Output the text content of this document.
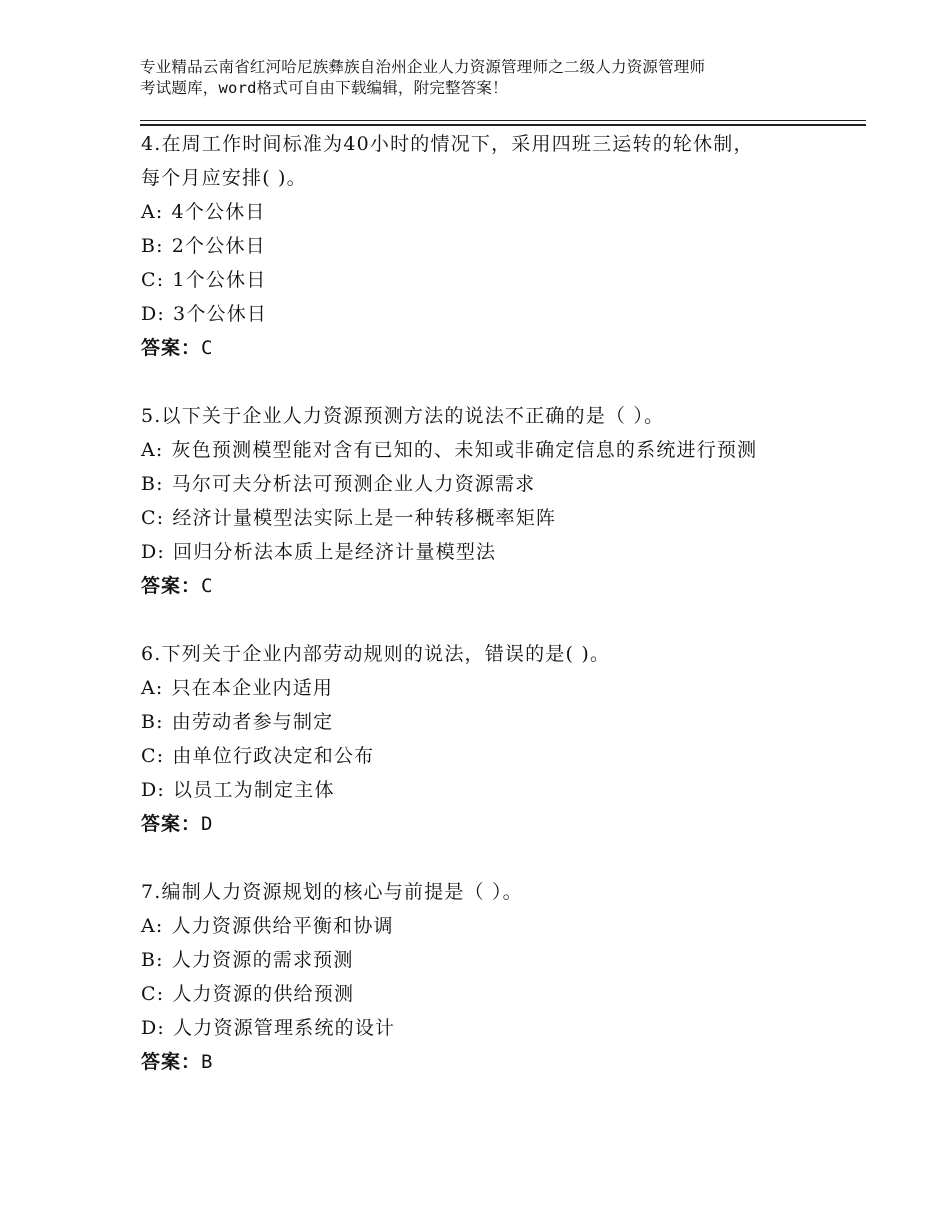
专业精品云南省红河哈尼族彝族自治州企业人力资源管理师之二级人力资源管理师
考试题库，word格式可自由下载编辑，附完整答案！
4.在周工作时间标准为40小时的情况下，采用四班三运转的轮休制，
每个月应安排( )。
A: 4个公休日
B: 2个公休日
C: 1个公休日
D: 3个公休日
答案：C
5.以下关于企业人力资源预测方法的说法不正确的是（ ）。
A: 灰色预测模型能对含有已知的、未知或非确定信息的系统进行预测
B: 马尔可夫分析法可预测企业人力资源需求
C: 经济计量模型法实际上是一种转移概率矩阵
D: 回归分析法本质上是经济计量模型法
答案：C
6.下列关于企业内部劳动规则的说法，错误的是( )。
A: 只在本企业内适用
B: 由劳动者参与制定
C: 由单位行政决定和公布
D: 以员工为制定主体
答案：D
7.编制人力资源规划的核心与前提是（ ）。
A: 人力资源供给平衡和协调
B: 人力资源的需求预测
C: 人力资源的供给预测
D: 人力资源管理系统的设计
答案：B
